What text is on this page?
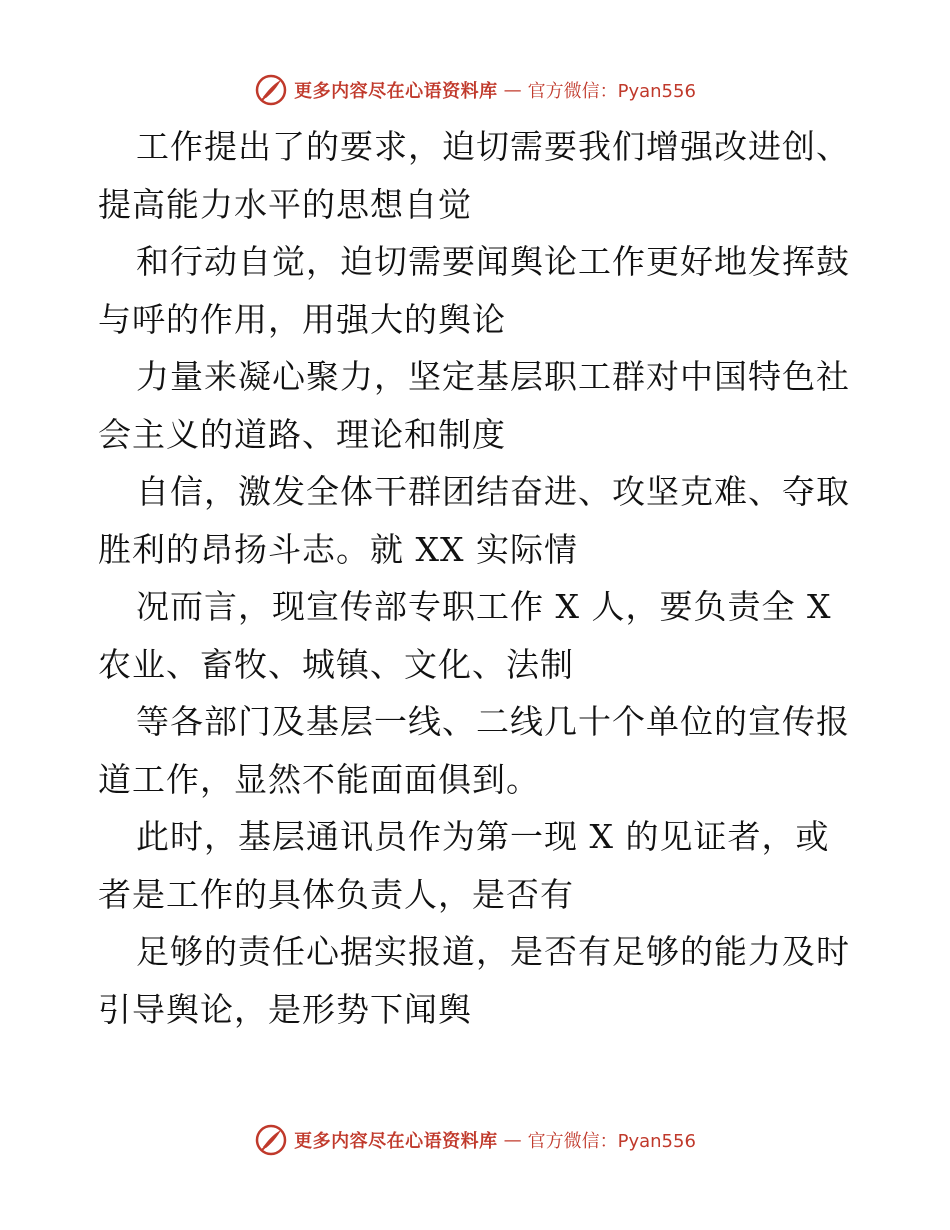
更多内容尽在心语资料库 — 官方微信：Pyan556
工作提出了的要求，迫切需要我们增强改进创、
提高能力水平的思想自觉
和行动自觉，迫切需要闻舆论工作更好地发挥鼓
与呼的作用，用强大的舆论
力量来凝心聚力，坚定基层职工群对中国特色社
会主义的道路、理论和制度
自信，激发全体干群团结奋进、攻坚克难、夺取
胜利的昂扬斗志。就 XX 实际情
况而言，现宣传部专职工作 X 人，要负责全 X
农业、畜牧、城镇、文化、法制
等各部门及基层一线、二线几十个单位的宣传报
道工作，显然不能面面俱到。
此时，基层通讯员作为第一现 X 的见证者，或
者是工作的具体负责人，是否有
足够的责任心据实报道，是否有足够的能力及时
引导舆论，是形势下闻舆
更多内容尽在心语资料库 — 官方微信：Pyan556
